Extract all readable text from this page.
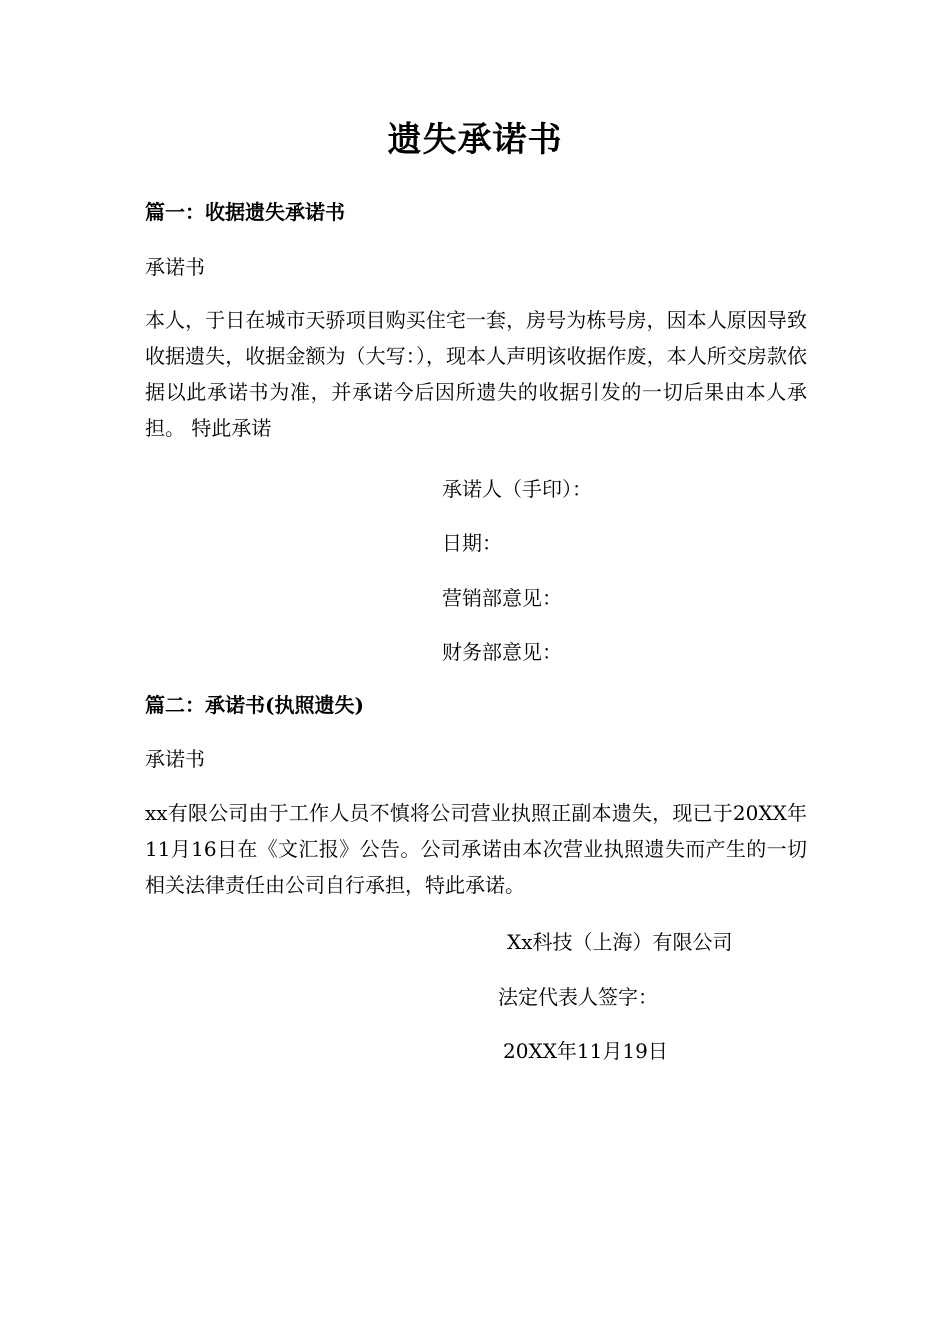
遗失承诺书
篇一：收据遗失承诺书
承诺书
本人，于日在城市天骄项目购买住宅一套，房号为栋号房，因本人原因导致收据遗失，收据金额为（大写：），现本人声明该收据作废，本人所交房款依据以此承诺书为准，并承诺今后因所遗失的收据引发的一切后果由本人承担。 特此承诺
承诺人（手印）：
日期：
营销部意见：
财务部意见：
篇二：承诺书(执照遗失)
承诺书
xx有限公司由于工作人员不慎将公司营业执照正副本遗失，现已于20XX年11月16日在《文汇报》公告。公司承诺由本次营业执照遗失而产生的一切相关法律责任由公司自行承担，特此承诺。
Xx科技（上海）有限公司
法定代表人签字：
20XX年11月19日
